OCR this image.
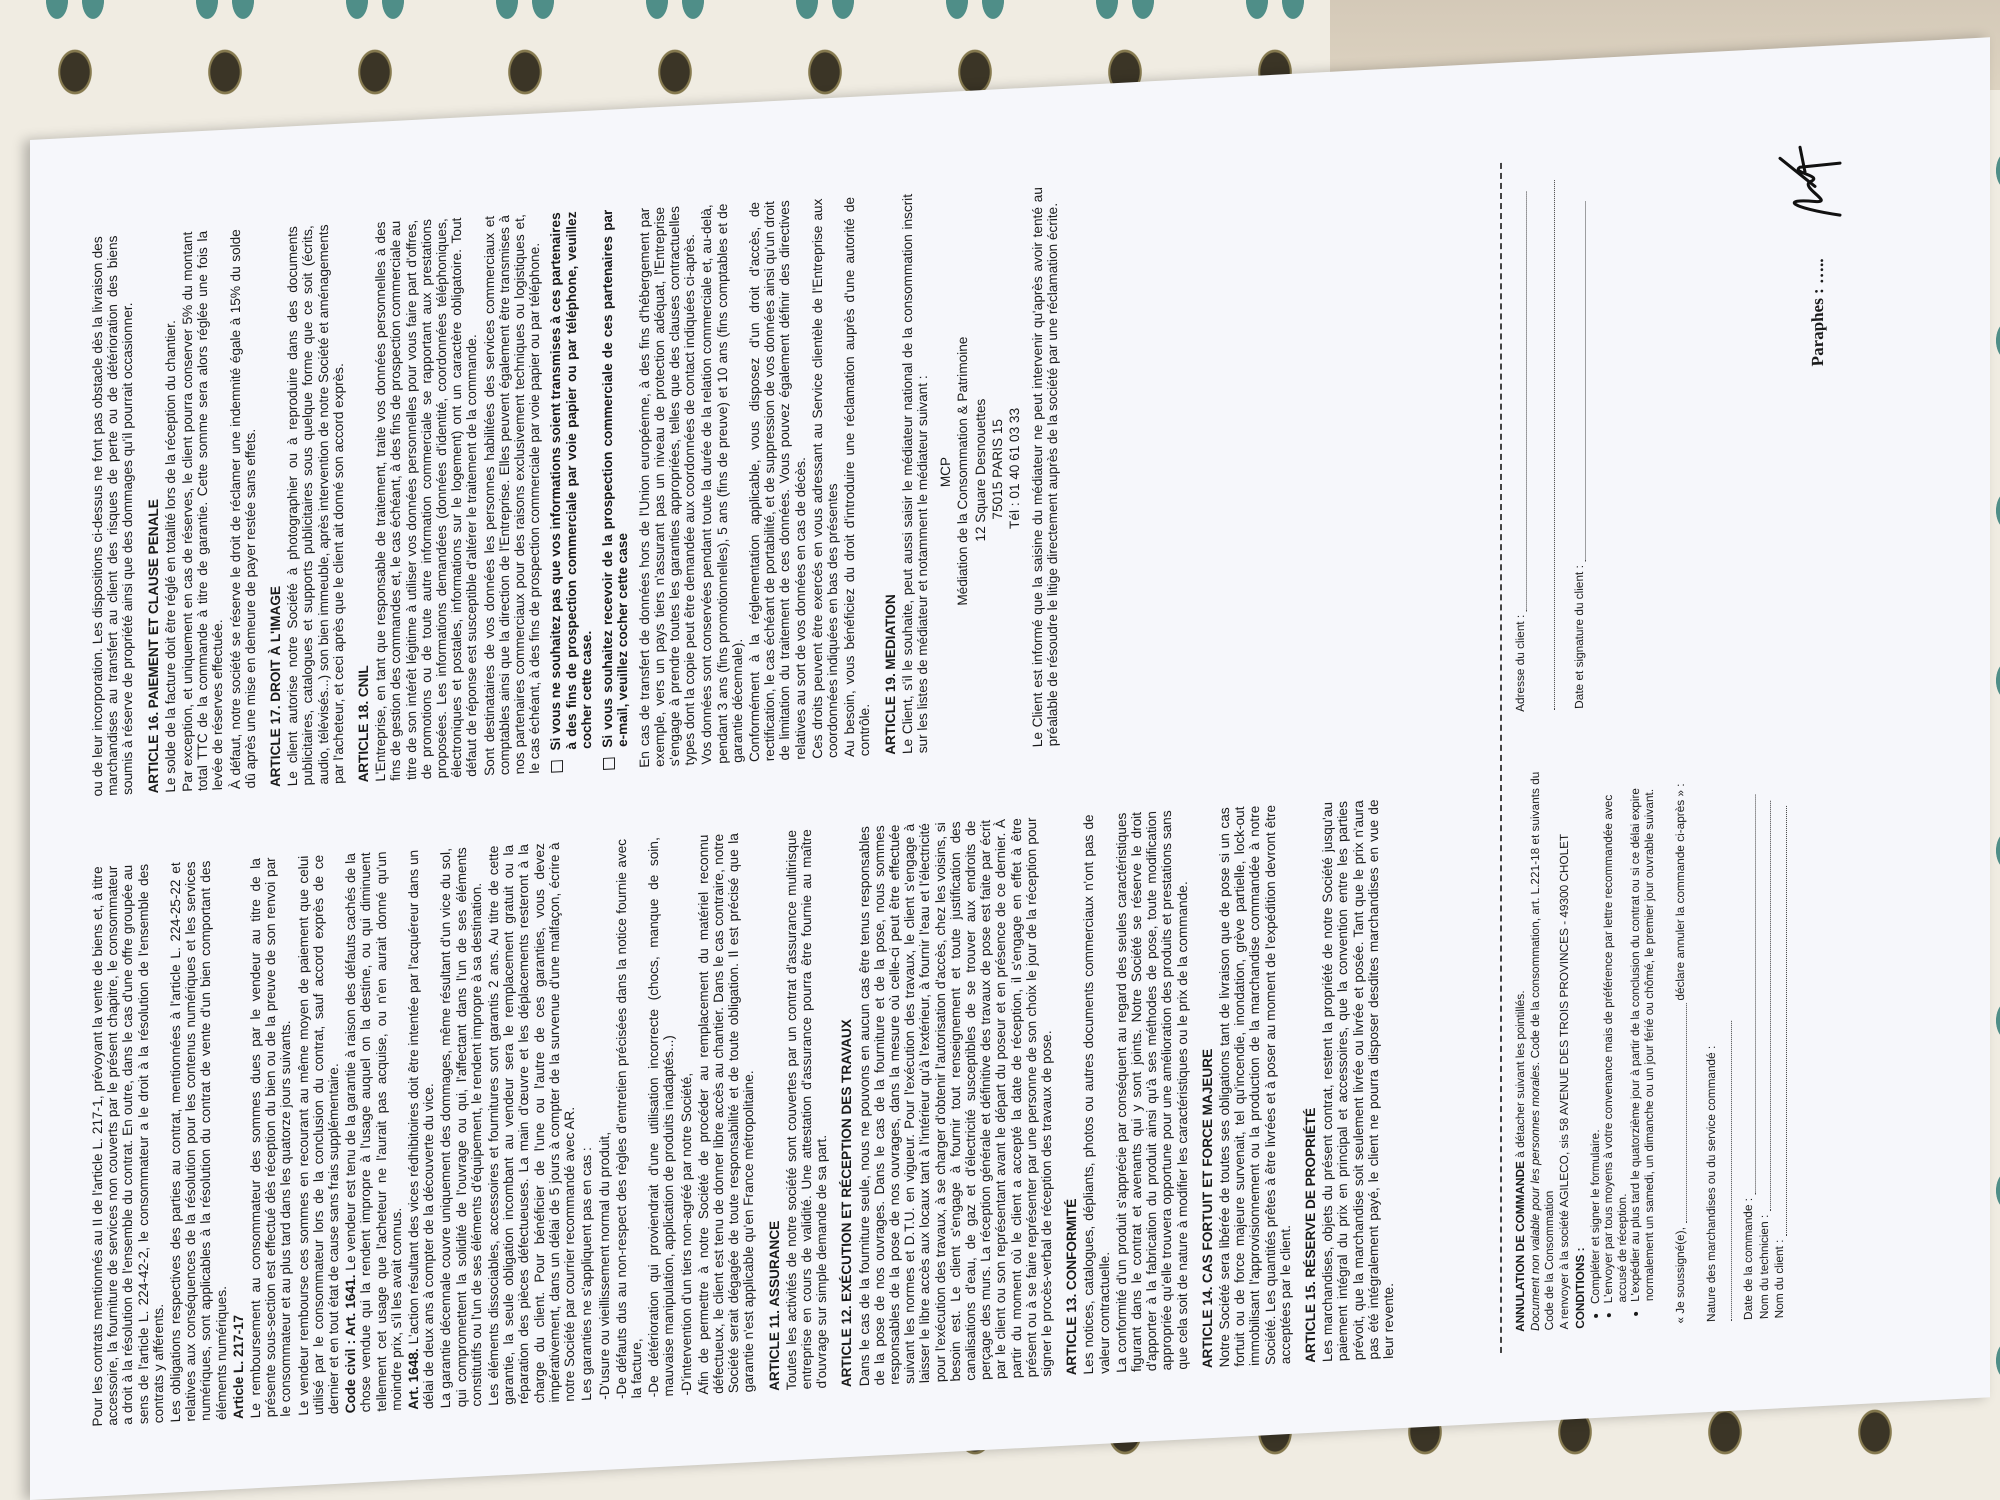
Pour les contrats mentionnés au II de l'article L. 217-1, prévoyant la vente de biens et, à titre accessoire, la fourniture de services non couverts par le présent chapitre, le consommateur a droit à la résolution de l'ensemble du contrat. En outre, dans le cas d'une offre groupée au sens de l'article L. 224-42-2, le consommateur a le droit à la résolution de l'ensemble des contrats y afférents. Les obligations respectives des parties au contrat, mentionnées à l'article L. 224-25-22 et relatives aux conséquences de la résolution pour les contenus numériques et les services numériques, sont applicables à la résolution du contrat de vente d'un bien comportant des éléments numériques. Article L. 217-17 Le remboursement au consommateur des sommes dues par le vendeur au titre de la présente sous-section est effectué dès réception du bien ou de la preuve de son renvoi par le consommateur et au plus tard dans les quatorze jours suivants. Le vendeur rembourse ces sommes en recourant au même moyen de paiement que celui utilisé par le consommateur lors de la conclusion du contrat, sauf accord exprès de ce dernier et en tout état de cause sans frais supplémentaire. Code civil : Art. 1641. Le vendeur est tenu de la garantie à raison des défauts cachés de la chose vendue qui la rendent impropre à l'usage auquel on la destine, ou qui diminuent tellement cet usage que l'acheteur ne l'aurait pas acquise, ou n'en aurait donné qu'un moindre prix, s'il les avait connus. Art. 1648. L'action résultant des vices rédhibitoires doit être intentée par l'acquéreur dans un délai de deux ans à compter de la découverte du vice. La garantie décennale couvre uniquement des dommages, même résultant d'un vice du sol, qui compromettent la solidité de l'ouvrage ou qui, l'affectant dans l'un de ses éléments constitutifs ou l'un de ses éléments d'équipement, le rendent impropre à sa destination. Les éléments dissociables, accessoires et fournitures sont garantis 2 ans. Au titre de cette garantie, la seule obligation incombant au vendeur sera le remplacement gratuit ou la réparation des pièces défectueuses. La main d'œuvre et les déplacements resteront à la charge du client. Pour bénéficier de l'une ou l'autre de ces garanties, vous devez impérativement, dans un délai de 5 jours à compter de la survenue d'une malfaçon, écrire à notre Société par courrier recommandé avec AR. Les garanties ne s'appliquent pas en cas : -D'usure ou vieillissement normal du produit, -De défauts dus au non-respect des règles d'entretien précisées dans la notice fournie avec la facture, -De détérioration qui proviendrait d'une utilisation incorrecte (chocs, manque de soin, mauvaise manipulation, application de produits inadaptés...) -D'intervention d'un tiers non-agréé par notre Société, Afin de permettre à notre Société de procéder au remplacement du matériel reconnu défectueux, le client est tenu de donner libre accès au chantier. Dans le cas contraire, notre Société serait dégagée de toute responsabilité et de toute obligation. Il est précisé que la garantie n'est applicable qu'en France métropolitaine. ARTICLE 11. ASSURANCE Toutes les activités de notre société sont couvertes par un contrat d'assurance multirisque entreprise en cours de validité. Une attestation d'assurance pourra être fournie au maître d'ouvrage sur simple demande de sa part. ARTICLE 12. EXÉCUTION ET RÉCEPTION DES TRAVAUX Dans le cas de la fourniture seule, nous ne pouvons en aucun cas être tenus responsables de la pose de nos ouvrages. Dans le cas de la fourniture et de la pose, nous sommes responsables de la pose de nos ouvrages, dans la mesure où celle-ci peut être effectuée suivant les normes et D.T.U. en vigueur. Pour l'exécution des travaux, le client s'engage à laisser le libre accès aux locaux tant à l'intérieur qu'à l'extérieur, à fournir l'eau et l'électricité pour l'exécution des travaux, à se charger d'obtenir l'autorisation d'accès, chez les voisins, si besoin est. Le client s'engage à fournir tout renseignement et toute justification des canalisations d'eau, de gaz et d'électricité susceptibles de se trouver aux endroits de perçage des murs. La réception générale et définitive des travaux de pose est faite par écrit par le client ou son représentant avant le départ du poseur et en présence de ce dernier. À partir du moment où le client a accepté la date de réception, il s'engage en effet à être présent ou à se faire représenter par une personne de son choix le jour de la réception pour signer le procès-verbal de réception des travaux de pose. ARTICLE 13. CONFORMITÉ Les notices, catalogues, dépliants, photos ou autres documents commerciaux n'ont pas de valeur contractuelle. La conformité d'un produit s'apprécie par conséquent au regard des seules caractéristiques figurant dans le contrat et avenants qui y sont joints. Notre Société se réserve le droit d'apporter à la fabrication du produit ainsi qu'à ses méthodes de pose, toute modification appropriée qu'elle trouvera opportune pour une amélioration des produits et prestations sans que cela soit de nature à modifier les caractéristiques ou le prix de la commande. ARTICLE 14. CAS FORTUIT ET FORCE MAJEURE Notre Société sera libérée de toutes ses obligations tant de livraison que de pose si un cas fortuit ou de force majeure survenait, tel qu'incendie, inondation, grève partielle, lock-out immobilisant l'approvisionnement ou la production de la marchandise commandée à notre Société. Les quantités prêtes à être livrées et à poser au moment de l'expédition devront être acceptées par le client. ARTICLE 15. RÉSERVE DE PROPRIÉTÉ Les marchandises, objets du présent contrat, restent la propriété de notre Société jusqu'au paiement intégral du prix en principal et accessoires, que la convention entre les parties prévoit, que la marchandise soit seulement livrée ou livrée et posée. Tant que le prix n'aura pas été intégralement payé, le client ne pourra disposer desdites marchandises en vue de leur revente.

ou de leur incorporation. Les dispositions ci-dessus ne font pas obstacle dès la livraison des marchandises au transfert au client des risques de perte ou de détérioration des biens soumis à réserve de propriété ainsi que des dommages qu'il pourrait occasionner. ARTICLE 16. PAIEMENT ET CLAUSE PENALE Le solde de la facture doit être réglé en totalité lors de la réception du chantier. Par exception, et uniquement en cas de réserves, le client pourra conserver 5% du montant total TTC de la commande à titre de garantie. Cette somme sera alors réglée une fois la levée de réserves effectuée. À défaut, notre société se réserve le droit de réclamer une indemnité égale à 15% du solde dû après une mise en demeure de payer restée sans effets. ARTICLE 17. DROIT À L'IMAGE Le client autorise notre Société à photographier ou à reproduire dans des documents publicitaires, catalogues et supports publicitaires sous quelque forme que ce soit (écrits, audio, télévisés...) son bien immeuble, après intervention de notre Société et aménagements par l'acheteur, et ceci après que le client ait donné son accord exprès. ARTICLE 18. CNIL L'Entreprise, en tant que responsable de traitement, traite vos données personnelles à des fins de gestion des commandes et, le cas échéant, à des fins de prospection commerciale au titre de son intérêt légitime à utiliser vos données personnelles pour vous faire part d'offres, de promotions ou de toute autre information commerciale se rapportant aux prestations proposées. Les informations demandées (données d'identité, coordonnées téléphoniques, électroniques et postales, informations sur le logement) ont un caractère obligatoire. Tout défaut de réponse est susceptible d'altérer le traitement de la commande. Sont destinataires de vos données les personnes habilitées des services commerciaux et comptables ainsi que la direction de l'Entreprise. Elles peuvent également être transmises à nos partenaires commerciaux pour des raisons exclusivement techniques ou logistiques et, le cas échéant, à des fins de prospection commerciale par voie papier ou par téléphone. Si vous ne souhaitez pas que vos informations soient transmises à ces partenaires à des fins de prospection commerciale par voie papier ou par téléphone, veuillez cocher cette case. Si vous souhaitez recevoir de la prospection commerciale de ces partenaires par e-mail, veuillez cocher cette case En cas de transfert de données hors de l'Union européenne, à des fins d'hébergement par exemple, vers un pays tiers n'assurant pas un niveau de protection adéquat, l'Entreprise s'engage à prendre toutes les garanties appropriées, telles que des clauses contractuelles types dont la copie peut être demandée aux coordonnées de contact indiquées ci-après. Vos données sont conservées pendant toute la durée de la relation commerciale et, au-delà, pendant 3 ans (fins promotionnelles), 5 ans (fins de preuve) et 10 ans (fins comptables et de garantie décennale). Conformément à la réglementation applicable, vous disposez d'un droit d'accès, de rectification, le cas échéant de portabilité, et de suppression de vos données ainsi qu'un droit de limitation du traitement de ces données. Vous pouvez également définir des directives relatives au sort de vos données en cas de décès. Ces droits peuvent être exercés en vous adressant au Service clientèle de l'Entreprise aux coordonnées indiquées en bas des présentes Au besoin, vous bénéficiez du droit d'introduire une réclamation auprès d'une autorité de contrôle. ARTICLE 19. MEDIATION Le Client, s'il le souhaite, peut aussi saisir le médiateur national de la consommation inscrit sur les listes de médiateur et notamment le médiateur suivant : MCP Médiation de la Consommation & Patrimoine 12 Square Desnouettes 75015 PARIS 15 Tél : 01 40 61 03 33 Le Client est informé que la saisine du médiateur ne peut intervenir qu'après avoir tenté au préalable de résoudre le litige directement auprès de la société par une réclamation écrite.

ANNULATION DE COMMANDE à détacher suivant les pointillés. Document non valable pour les personnes morales. Code de la consommation, art. L.221-18 et suivants du Code de la Consommation A renvoyer à la société AGILECO, sis 58 AVENUE DES TROIS PROVINCES - 49300 CHOLET CONDITIONS : • Compléter et signer le formulaire. • L'envoyer par tous moyens à votre convenance mais de préférence par lettre recommandée avec accusé de réception. • L'expédier au plus tard le quatorzième jour à partir de la conclusion du contrat ou si ce délai expire normalement un samedi, un dimanche ou un jour férié ou chômé, le premier jour ouvrable suivant. « Je soussigné(e),  déclare annuler la commande ci-après » :

Nature des marchandises ou du service commandé :	Date de la commande : Nom du technicien : Nom du client :

Adresse du client :	Date et signature du client :

Paraphes : …..
